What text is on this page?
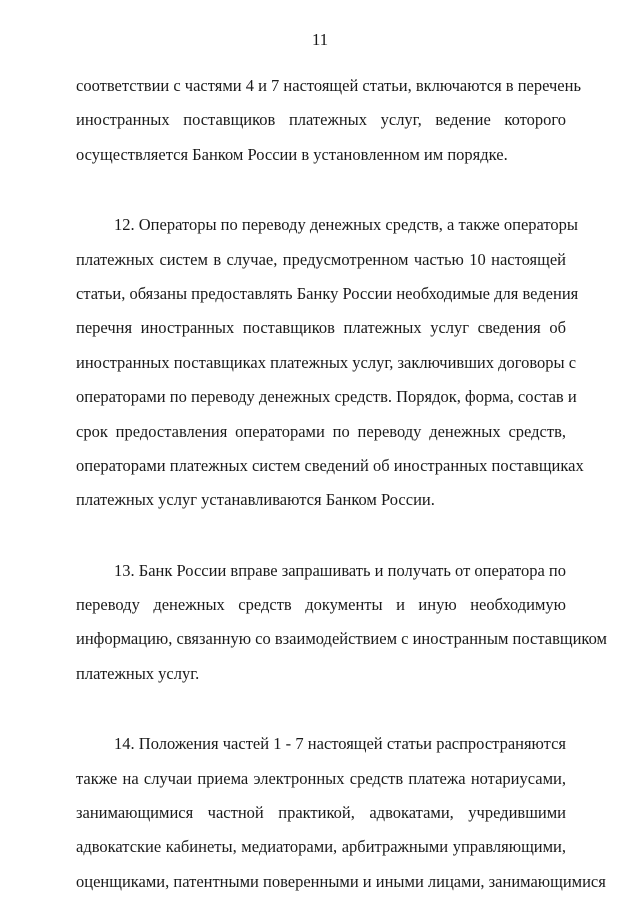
11
соответствии с частями 4 и 7 настоящей статьи, включаются в перечень
иностранных поставщиков платежных услуг, ведение которого
осуществляется Банком России в установленном им порядке.
12. Операторы по переводу денежных средств, а также операторы
платежных систем в случае, предусмотренном частью 10 настоящей
статьи, обязаны предоставлять Банку России необходимые для ведения
перечня иностранных поставщиков платежных услуг сведения об
иностранных поставщиках платежных услуг, заключивших договоры с
операторами по переводу денежных средств. Порядок, форма, состав и
срок предоставления операторами по переводу денежных средств,
операторами платежных систем сведений об иностранных поставщиках
платежных услуг устанавливаются Банком России.
13. Банк России вправе запрашивать и получать от оператора по
переводу денежных средств документы и иную необходимую
информацию, связанную со взаимодействием с иностранным поставщиком
платежных услуг.
14. Положения частей 1 - 7 настоящей статьи распространяются
также на случаи приема электронных средств платежа нотариусами,
занимающимися частной практикой, адвокатами, учредившими
адвокатские кабинеты, медиаторами, арбитражными управляющими,
оценщиками, патентными поверенными и иными лицами, занимающимися
